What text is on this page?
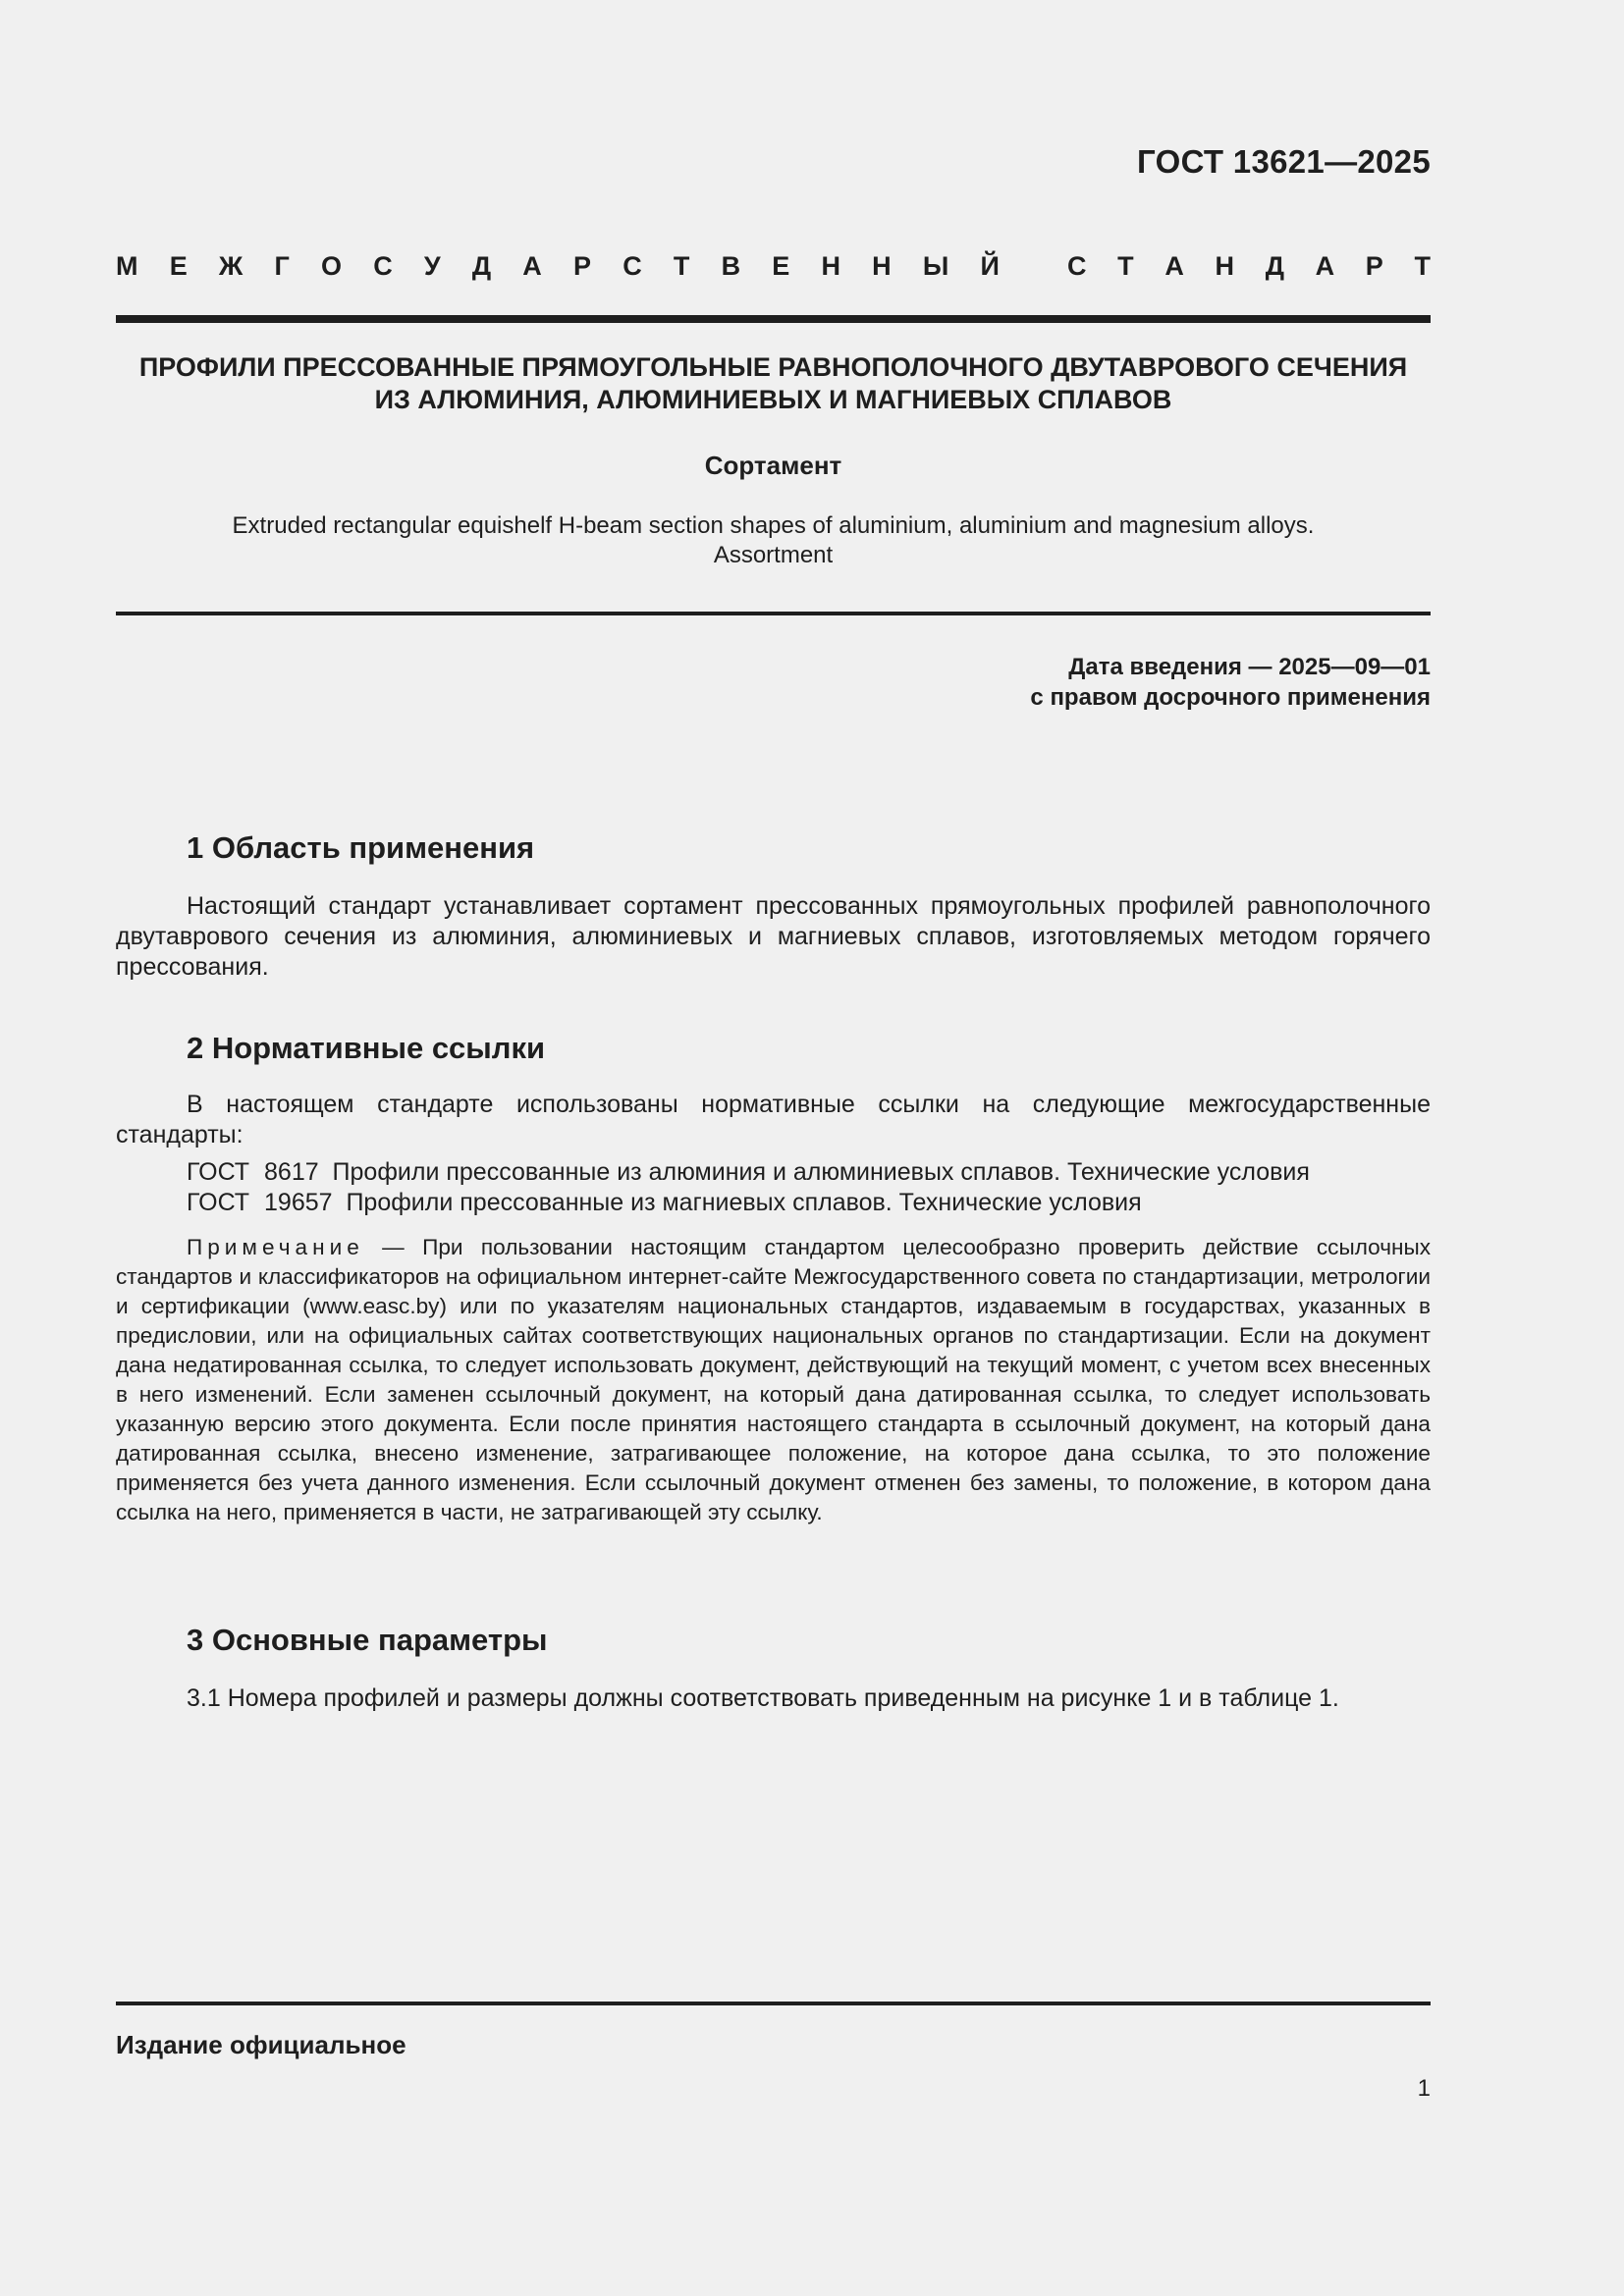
ГОСТ 13621—2025
М Е Ж Г О С У Д А Р С Т В Е Н Н Ы Й	С Т А Н Д А Р Т
ПРОФИЛИ ПРЕССОВАННЫЕ ПРЯМОУГОЛЬНЫЕ РАВНОПОЛОЧНОГО ДВУТАВРОВОГО СЕЧЕНИЯ
ИЗ АЛЮМИНИЯ, АЛЮМИНИЕВЫХ И МАГНИЕВЫХ СПЛАВОВ
Сортамент
Extruded rectangular equishelf H-beam section shapes of aluminium, aluminium and magnesium alloys.
Assortment
Дата введения — 2025—09—01
с правом досрочного применения
1 Область применения

Настоящий стандарт устанавливает сортамент прессованных прямоугольных профилей равнополочного двутаврового сечения из алюминия, алюминиевых и магниевых сплавов, изготовляемых методом горячего прессования.

2 Нормативные ссылки

В настоящем стандарте использованы нормативные ссылки на следующие межгосударственные стандарты:

ГОСТ 8617 Профили прессованные из алюминия и алюминиевых сплавов. Технические условия
ГОСТ 19657 Профили прессованные из магниевых сплавов. Технические условия

Примечание — При пользовании настоящим стандартом целесообразно проверить действие ссылочных стандартов и классификаторов на официальном интернет-сайте Межгосударственного совета по стандартизации, метрологии и сертификации (www.easc.by) или по указателям национальных стандартов, издаваемым в государствах, указанных в предисловии, или на официальных сайтах соответствующих национальных органов по стандартизации. Если на документ дана недатированная ссылка, то следует использовать документ, действующий на текущий момент, с учетом всех внесенных в него изменений. Если заменен ссылочный документ, на который дана датированная ссылка, то следует использовать указанную версию этого документа. Если после принятия настоящего стандарта в ссылочный документ, на который дана датированная ссылка, внесено изменение, затрагивающее положение, на которое дана ссылка, то это положение применяется без учета данного изменения. Если ссылочный документ отменен без замены, то положение, в котором дана ссылка на него, применяется в части, не затрагивающей эту ссылку.

3 Основные параметры

3.1 Номера профилей и размеры должны соответствовать приведенным на рисунке 1 и в таблице 1.

Издание официальное
1
